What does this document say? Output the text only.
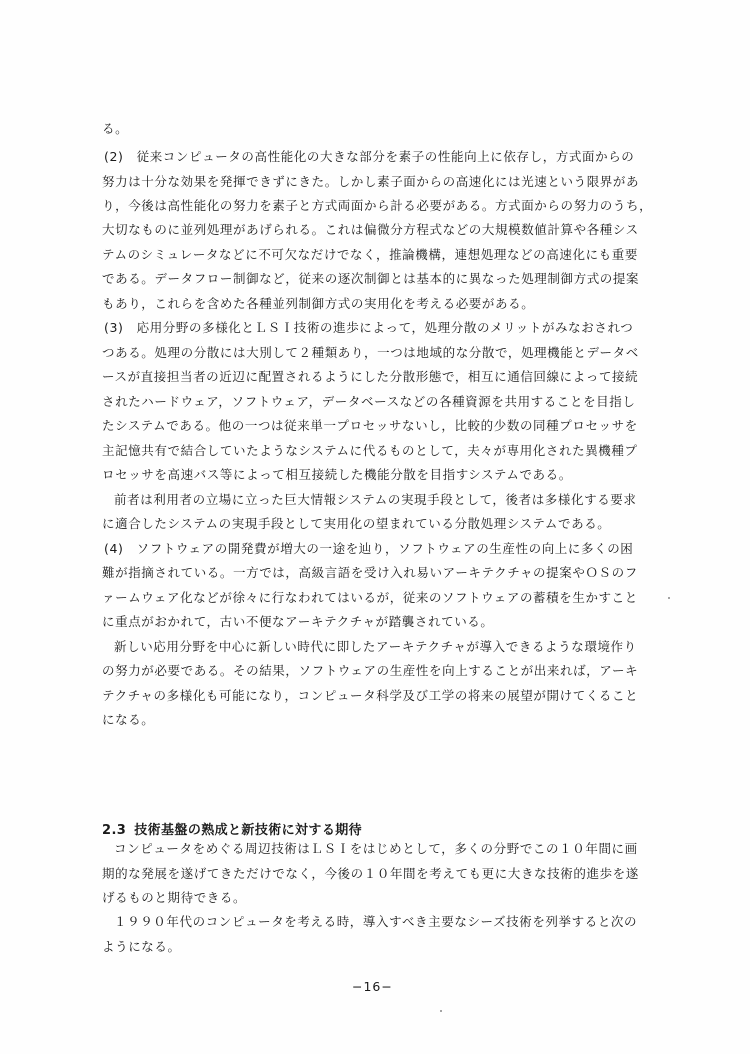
る。
(2)　従来コンピュータの高性能化の大きな部分を素子の性能向上に依存し，方式面からの
努力は十分な効果を発揮できずにきた。しかし素子面からの高速化には光速という限界があ
り，今後は高性能化の努力を素子と方式両面から計る必要がある。方式面からの努力のうち，
大切なものに並列処理があげられる。これは偏微分方程式などの大規模数値計算や各種シス
テムのシミュレータなどに不可欠なだけでなく，推論機構，連想処理などの高速化にも重要
である。データフロー制御など，従来の逐次制御とは基本的に異なった処理制御方式の提案
もあり，これらを含めた各種並列制御方式の実用化を考える必要がある。
(3)　応用分野の多様化とＬＳＩ技術の進歩によって，処理分散のメリットがみなおされつ
つある。処理の分散には大別して２種類あり，一つは地域的な分散で，処理機能とデータベ
ースが直接担当者の近辺に配置されるようにした分散形態で，相互に通信回線によって接続
されたハードウェア，ソフトウェア，データベースなどの各種資源を共用することを目指し
たシステムである。他の一つは従来単一プロセッサないし，比較的少数の同種プロセッサを
主記憶共有で結合していたようなシステムに代るものとして，夫々が専用化された異機種プ
ロセッサを高速バス等によって相互接続した機能分散を目指すシステムである。
前者は利用者の立場に立った巨大情報システムの実現手段として，後者は多様化する要求
に適合したシステムの実現手段として実用化の望まれている分散処理システムである。
(4)　ソフトウェアの開発費が増大の一途を辿り，ソフトウェアの生産性の向上に多くの困
難が指摘されている。一方では，高級言語を受け入れ易いアーキテクチャの提案やＯＳのフ
ァームウェア化などが徐々に行なわれてはいるが，従来のソフトウェアの蓄積を生かすこと
に重点がおかれて，古い不便なアーキテクチャが踏襲されている。
新しい応用分野を中心に新しい時代に即したアーキテクチャが導入できるような環境作り
の努力が必要である。その結果，ソフトウェアの生産性を向上することが出来れば，アーキ
テクチャの多様化も可能になり，コンピュータ科学及び工学の将来の展望が開けてくること
になる。
2.3 技術基盤の熟成と新技術に対する期待
コンピュータをめぐる周辺技術はＬＳＩをはじめとして，多くの分野でこの１０年間に画
期的な発展を遂げてきただけでなく，今後の１０年間を考えても更に大きな技術的進歩を遂
げるものと期待できる。
１９９０年代のコンピュータを考える時，導入すべき主要なシーズ技術を列挙すると次の
ようになる。
−16−
